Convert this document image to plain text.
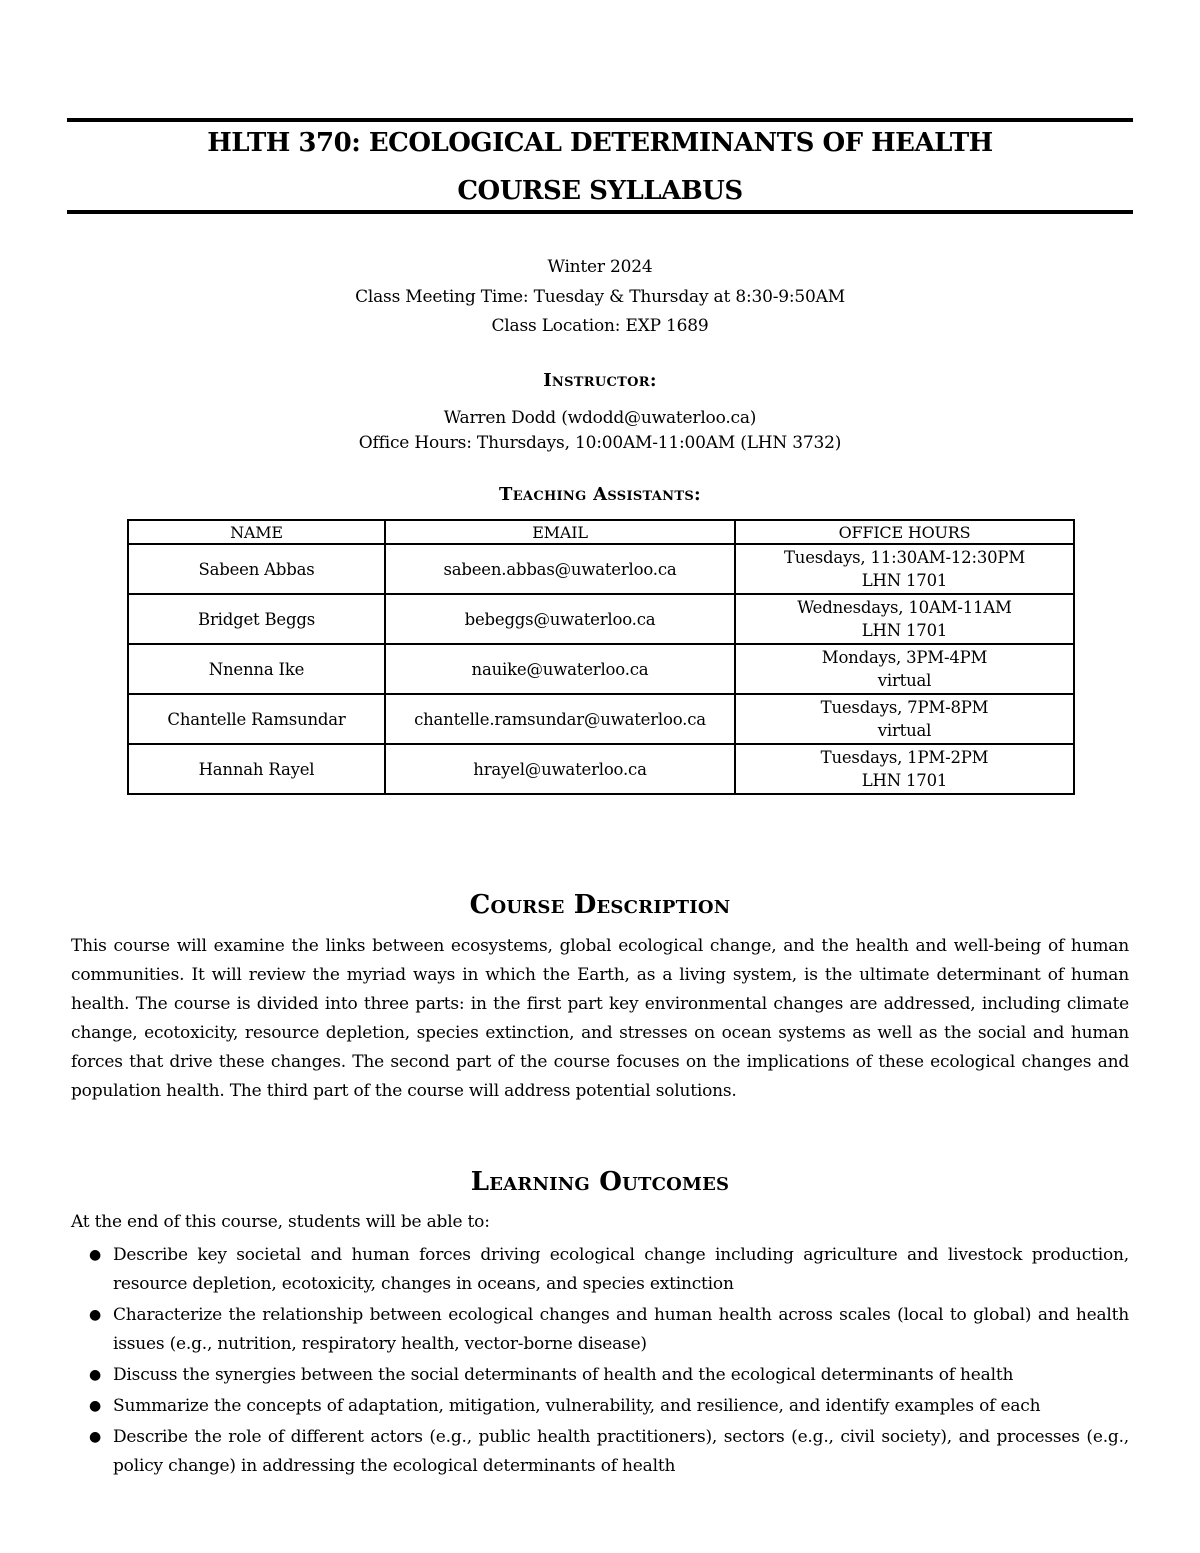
HLTH 370: ECOLOGICAL DETERMINANTS OF HEALTH
COURSE SYLLABUS
Winter 2024
Class Meeting Time: Tuesday & Thursday at 8:30-9:50AM
Class Location: EXP 1689
Instructor:
Warren Dodd (wdodd@uwaterloo.ca)
Office Hours: Thursdays, 10:00AM-11:00AM (LHN 3732)
Teaching Assistants:
NAME	EMAIL	OFFICE HOURS
Sabeen Abbas	sabeen.abbas@uwaterloo.ca	Tuesdays, 11:30AM-12:30PM
LHN 1701

Bridget Beggs	bebeggs@uwaterloo.ca	Wednesdays, 10AM-11AM
LHN 1701

Nnenna Ike	nauike@uwaterloo.ca	Mondays, 3PM-4PM
virtual

Chantelle Ramsundar	chantelle.ramsundar@uwaterloo.ca	Tuesdays, 7PM-8PM
virtual

Hannah Rayel	hrayel@uwaterloo.ca	Tuesdays, 1PM-2PM
LHN 1701
Course Description

This course will examine the links between ecosystems, global ecological change, and the health and well-being of human communities. It will review the myriad ways in which the Earth, as a living system, is the ultimate determinant of human health. The course is divided into three parts: in the first part key environmental changes are addressed, including climate change, ecotoxicity, resource depletion, species extinction, and stresses on ocean systems as well as the social and human forces that drive these changes. The second part of the course focuses on the implications of these ecological changes and population health. The third part of the course will address potential solutions.

Learning Outcomes

At the end of this course, students will be able to:

● Describe key societal and human forces driving ecological change including agriculture and livestock production, resource depletion, ecotoxicity, changes in oceans, and species extinction
● Characterize the relationship between ecological changes and human health across scales (local to global) and health issues (e.g., nutrition, respiratory health, vector-borne disease)
● Discuss the synergies between the social determinants of health and the ecological determinants of health
● Summarize the concepts of adaptation, mitigation, vulnerability, and resilience, and identify examples of each
● Describe the role of different actors (e.g., public health practitioners), sectors (e.g., civil society), and processes (e.g., policy change) in addressing the ecological determinants of health
